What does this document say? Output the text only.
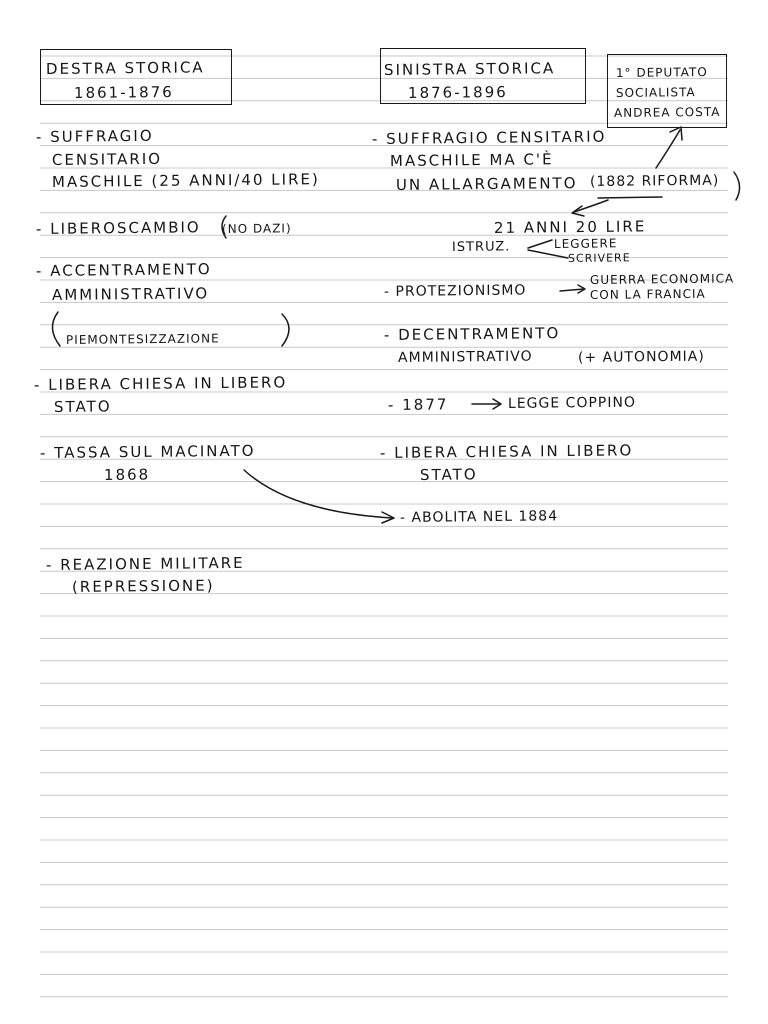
DESTRA STORICA
1861-1876
SINISTRA STORICA
1876-1896
1° DEPUTATO
SOCIALISTA
ANDREA COSTA
- SUFFRAGIO
CENSITARIO
MASCHILE (25 ANNI/40 LIRE)
- LIBEROSCAMBIO (NO DAZI)
- ACCENTRAMENTO
AMMINISTRATIVO
PIEMONTESIZZAZIONE
- LIBERA CHIESA IN LIBERO
STATO
- TASSA SUL MACINATO
1868
- REAZIONE MILITARE
(REPRESSIONE)
- SUFFRAGIO CENSITARIO
MASCHILE MA C'È
UN ALLARGAMENTO (1882 RIFORMA)
21 ANNI 20 LIRE
ISTRUZ.	LEGGERE
SCRIVERE
- PROTEZIONISMO
GUERRA ECONOMICA
CON LA FRANCIA
- DECENTRAMENTO
AMMINISTRATIVO	(+ AUTONOMIA)
- 1877	LEGGE COPPINO
- LIBERA CHIESA IN LIBERO
STATO
- ABOLITA NEL 1884
